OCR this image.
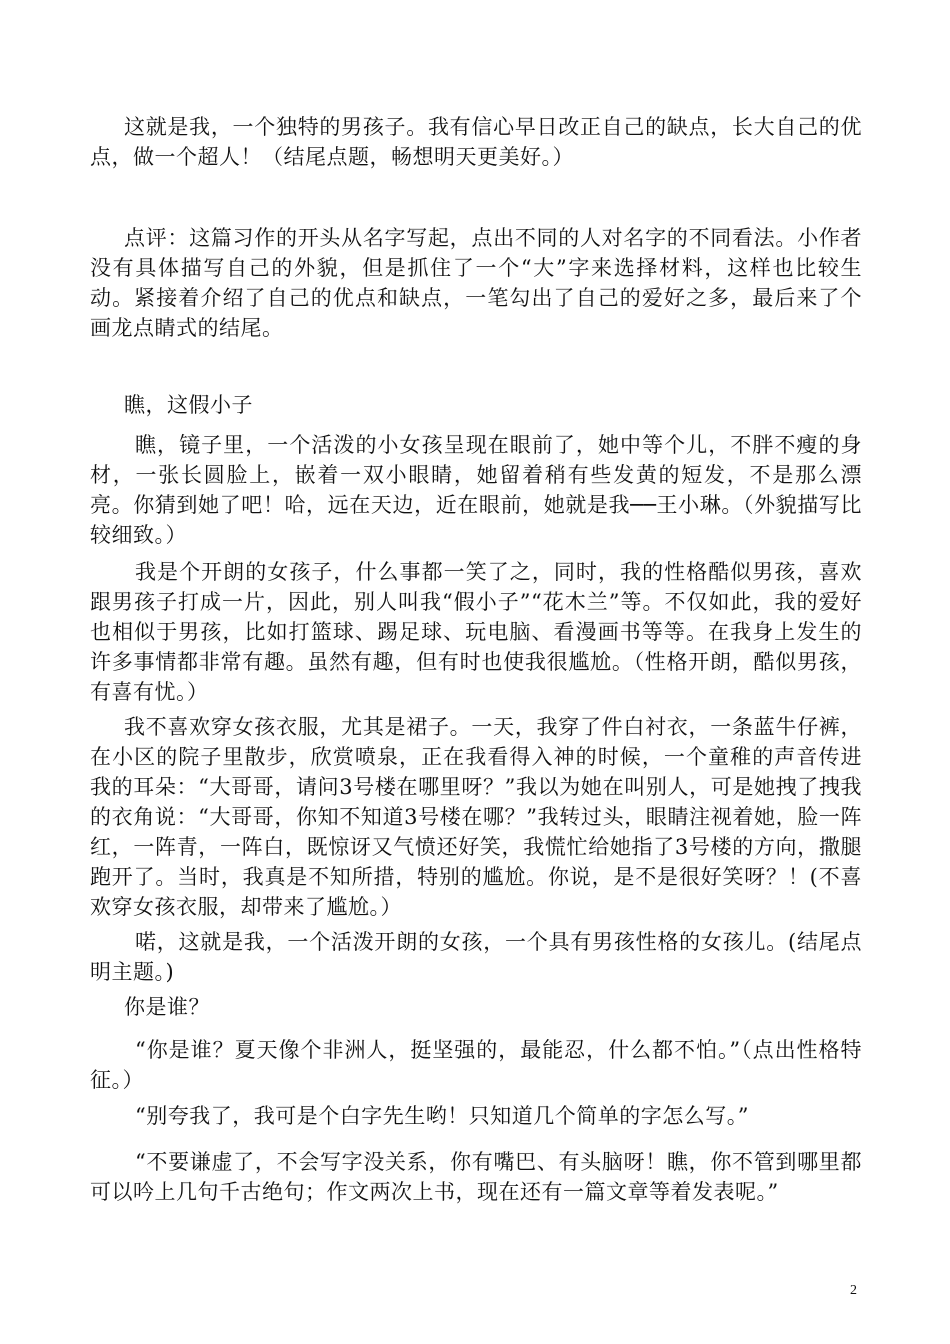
这就是我，一个独特的男孩子。我有信心早日改正自己的缺点，长大自己的优点，做一个超人！（结尾点题，畅想明天更美好。）

点评：这篇习作的开头从名字写起，点出不同的人对名字的不同看法。小作者没有具体描写自己的外貌，但是抓住了一个“大”字来选择材料，这样也比较生动。紧接着介绍了自己的优点和缺点，一笔勾出了自己的爱好之多，最后来了个画龙点睛式的结尾。

瞧，这假小子

瞧，镜子里，一个活泼的小女孩呈现在眼前了，她中等个儿，不胖不瘦的身材，一张长圆脸上，嵌着一双小眼睛，她留着稍有些发黄的短发，不是那么漂亮。你猜到她了吧！哈，远在天边，近在眼前，她就是我──王小琳。（外貌描写比较细致。）

我是个开朗的女孩子，什么事都一笑了之，同时，我的性格酷似男孩，喜欢跟男孩子打成一片，因此，别人叫我“假小子”“花木兰”等。不仅如此，我的爱好也相似于男孩，比如打篮球、踢足球、玩电脑、看漫画书等等。在我身上发生的许多事情都非常有趣。虽然有趣，但有时也使我很尴尬。（性格开朗，酷似男孩，有喜有忧。）

我不喜欢穿女孩衣服，尤其是裙子。一天，我穿了件白衬衣，一条蓝牛仔裤，在小区的院子里散步，欣赏喷泉，正在我看得入神的时候，一个童稚的声音传进我的耳朵：“大哥哥，请问3号楼在哪里呀？”我以为她在叫别人，可是她拽了拽我的衣角说：“大哥哥，你知不知道3号楼在哪？”我转过头，眼睛注视着她，脸一阵红，一阵青，一阵白，既惊讶又气愤还好笑，我慌忙给她指了3号楼的方向，撒腿跑开了。当时，我真是不知所措，特别的尴尬。你说，是不是很好笑呀？！(不喜欢穿女孩衣服，却带来了尴尬。）

喏，这就是我，一个活泼开朗的女孩，一个具有男孩性格的女孩儿。(结尾点明主题。)

你是谁？

“你是谁？夏天像个非洲人，挺坚强的，最能忍，什么都不怕。”（点出性格特征。）

“别夸我了，我可是个白字先生哟！只知道几个简单的字怎么写。”

“不要谦虚了，不会写字没关系，你有嘴巴、有头脑呀！瞧，你不管到哪里都可以吟上几句千古绝句；作文两次上书，现在还有一篇文章等着发表呢。”

2
